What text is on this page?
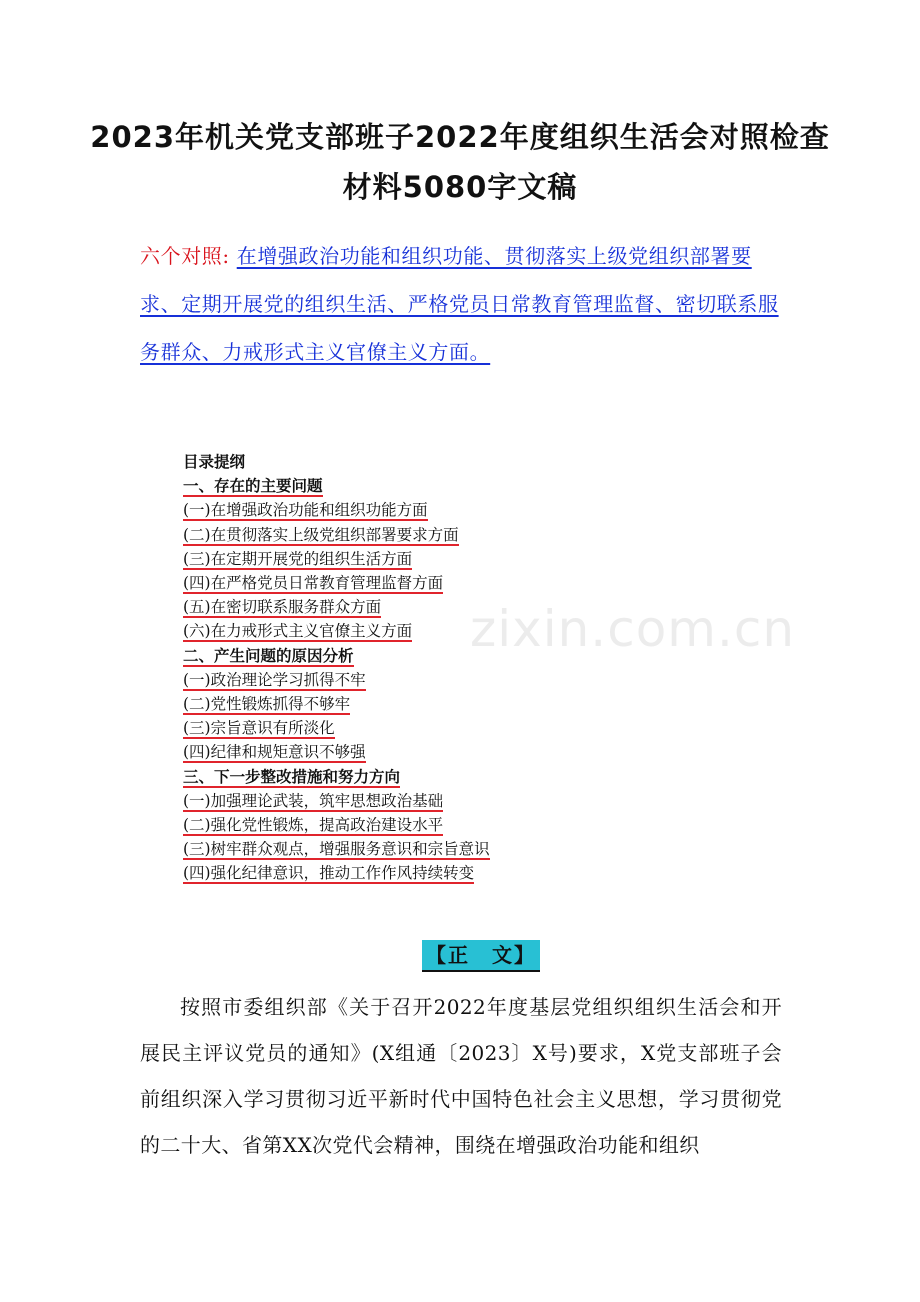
zixin.com.cn
2023年机关党支部班子2022年度组织生活会对照检查材料5080字文稿
六个对照: 在增强政治功能和组织功能、贯彻落实上级党组织部署要求、定期开展党的组织生活、严格党员日常教育管理监督、密切联系服务群众、力戒形式主义官僚主义方面。
目录提纲
一、存在的主要问题
(一)在增强政治功能和组织功能方面
(二)在贯彻落实上级党组织部署要求方面
(三)在定期开展党的组织生活方面
(四)在严格党员日常教育管理监督方面
(五)在密切联系服务群众方面
(六)在力戒形式主义官僚主义方面
二、产生问题的原因分析
(一)政治理论学习抓得不牢
(二)党性锻炼抓得不够牢
(三)宗旨意识有所淡化
(四)纪律和规矩意识不够强
三、下一步整改措施和努力方向
(一)加强理论武装，筑牢思想政治基础
(二)强化党性锻炼，提高政治建设水平
(三)树牢群众观点，增强服务意识和宗旨意识
(四)强化纪律意识，推动工作作风持续转变
【正　文】
按照市委组织部《关于召开2022年度基层党组织组织生活会和开展民主评议党员的通知》(X组通〔2023〕X号)要求，X党支部班子会前组织深入学习贯彻习近平新时代中国特色社会主义思想，学习贯彻党的二十大、省第XX次党代会精神，围绕在增强政治功能和组织
